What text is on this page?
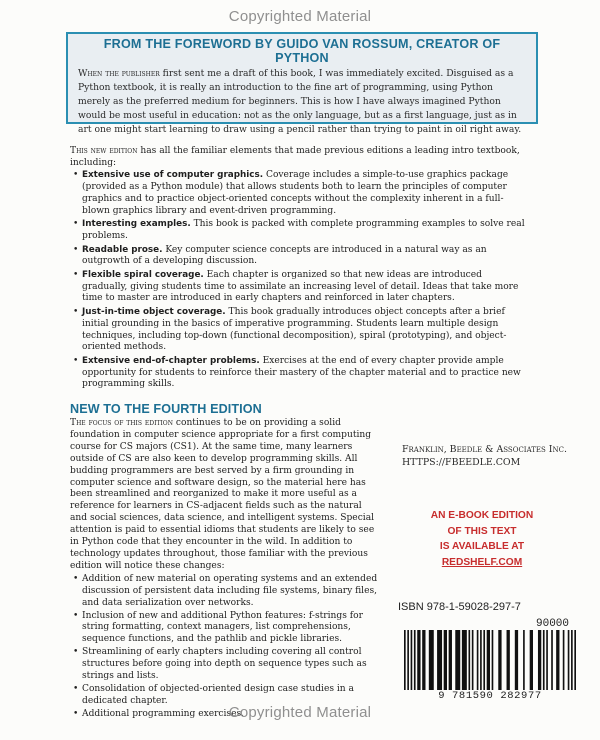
Copyrighted Material
FROM THE FOREWORD BY GUIDO VAN ROSSUM, CREATOR OF PYTHON
When the publisher first sent me a draft of this book, I was immediately excited. Disguised as a Python textbook, it is really an introduction to the fine art of programming, using Python merely as the preferred medium for beginners. This is how I have always imagined Python would be most useful in education: not as the only language, but as a first language, just as in art one might start learning to draw using a pencil rather than trying to paint in oil right away.

This new edition has all the familiar elements that made previous editions a leading intro textbook, including:

• Extensive use of computer graphics. Coverage includes a simple-to-use graphics package (provided as a Python module) that allows students both to learn the principles of computer graphics and to practice object-oriented concepts without the complexity inherent in a full-blown graphics library and event-driven programming.
• Interesting examples. This book is packed with complete programming examples to solve real problems.
• Readable prose. Key computer science concepts are introduced in a natural way as an outgrowth of a developing discussion.
• Flexible spiral coverage. Each chapter is organized so that new ideas are introduced gradually, giving students time to assimilate an increasing level of detail. Ideas that take more time to master are introduced in early chapters and reinforced in later chapters.
• Just-in-time object coverage. This book gradually introduces object concepts after a brief initial grounding in the basics of imperative programming. Students learn multiple design techniques, including top-down (functional decomposition), spiral (prototyping), and object-oriented methods.
• Extensive end-of-chapter problems. Exercises at the end of every chapter provide ample opportunity for students to reinforce their mastery of the chapter material and to practice new programming skills.
NEW TO THE FOURTH EDITION

The focus of this edition continues to be on providing a solid foundation in computer science appropriate for a first computing course for CS majors (CS1). At the same time, many learners outside of CS are also keen to develop programming skills. All budding programmers are best served by a firm grounding in computer science and software design, so the material here has been streamlined and reorganized to make it more useful as a reference for learners in CS-adjacent fields such as the natural and social sciences, data science, and intelligent systems. Special attention is paid to essential idioms that students are likely to see in Python code that they encounter in the wild. In addition to technology updates throughout, those familiar with the previous edition will notice these changes:

• Addition of new material on operating systems and an extended discussion of persistent data including file systems, binary files, and data serialization over networks.
• Inclusion of new and additional Python features: f-strings for string formatting, context managers, list comprehensions, sequence functions, and the pathlib and pickle libraries.
• Streamlining of early chapters including covering all control structures before going into depth on sequence types such as strings and lists.
• Consolidation of objected-oriented design case studies in a dedicated chapter.
• Additional programming exercises.
Franklin, Beedle & Associates Inc.
HTTPS://FBEEDLE.COM
AN E-BOOK EDITION
OF THIS TEXT
IS AVAILABLE AT
REDSHELF.COM
ISBN 978-1-59028-297-7
90000
9 781590 282977
Copyrighted Material
